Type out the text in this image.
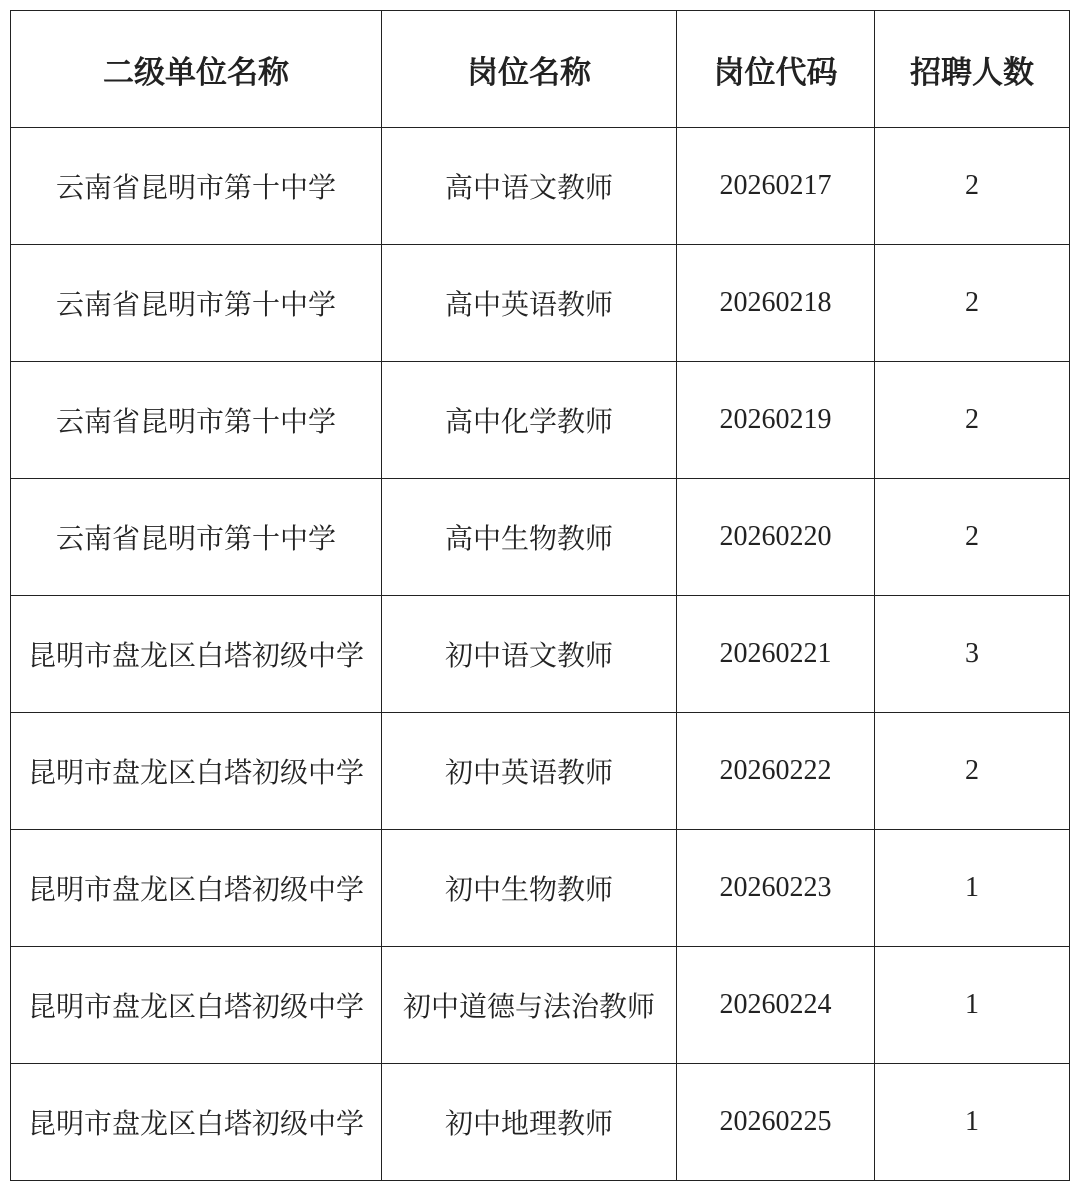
二级单位名称	岗位名称	岗位代码	招聘人数
云南省昆明市第十中学	高中语文教师	20260217	2
云南省昆明市第十中学	高中英语教师	20260218	2
云南省昆明市第十中学	高中化学教师	20260219	2
云南省昆明市第十中学	高中生物教师	20260220	2
昆明市盘龙区白塔初级中学	初中语文教师	20260221	3
昆明市盘龙区白塔初级中学	初中英语教师	20260222	2
昆明市盘龙区白塔初级中学	初中生物教师	20260223	1
昆明市盘龙区白塔初级中学	初中道德与法治教师	20260224	1
昆明市盘龙区白塔初级中学	初中地理教师	20260225	1
